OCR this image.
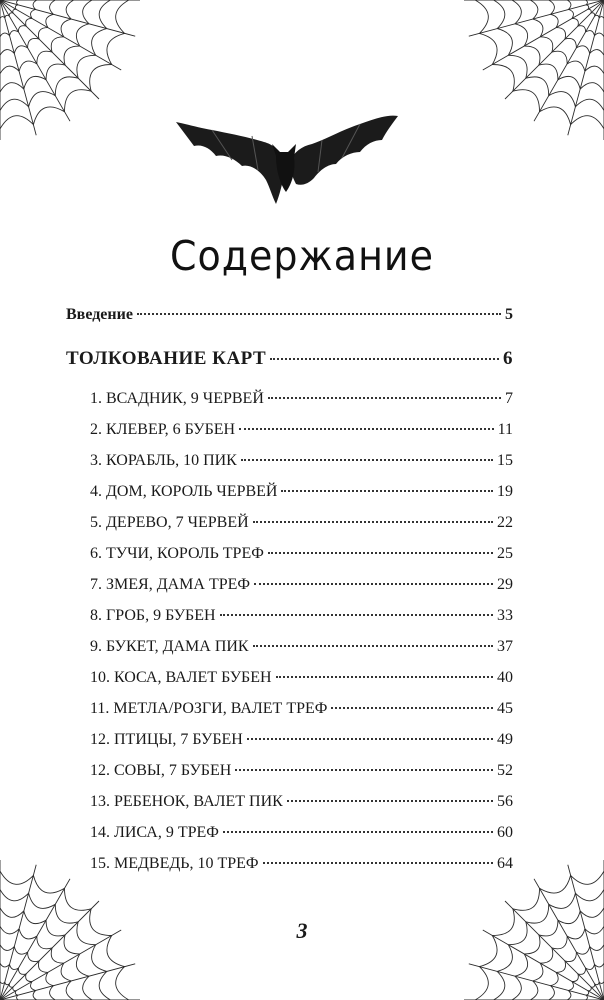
Содержание
Введение	5
ТОЛКОВАНИЕ КАРТ	6
1. ВСАДНИК, 9 ЧЕРВЕЙ	7
2. КЛЕВЕР, 6 БУБЕН	11
3. КОРАБЛЬ, 10 ПИК	15
4. ДОМ, КОРОЛЬ ЧЕРВЕЙ	19
5. ДЕРЕВО, 7 ЧЕРВЕЙ	22
6. ТУЧИ, КОРОЛЬ ТРЕФ	25
7. ЗМЕЯ, ДАМА ТРЕФ	29
8. ГРОБ, 9 БУБЕН	33
9. БУКЕТ, ДАМА ПИК	37
10. КОСА, ВАЛЕТ БУБЕН	40
11. МЕТЛА/РОЗГИ, ВАЛЕТ ТРЕФ	45
12. ПТИЦЫ, 7 БУБЕН	49
12. СОВЫ, 7 БУБЕН	52
13. РЕБЕНОК, ВАЛЕТ ПИК	56
14. ЛИСА, 9 ТРЕФ	60
15. МЕДВЕДЬ, 10 ТРЕФ	64
3
